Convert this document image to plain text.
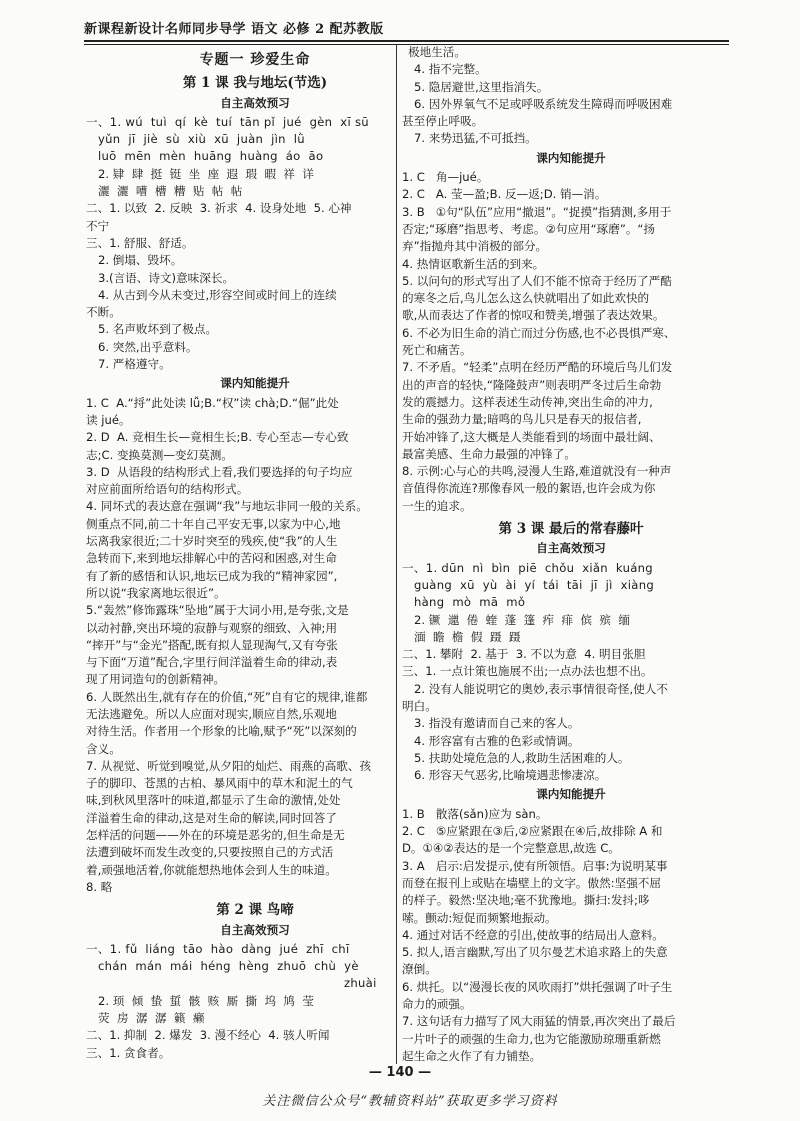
新课程新设计名师同步导学 语文 必修 2 配苏教版
专题一 珍爱生命
第 1 课 我与地坛(节选)
自主高效预习
一、1. wú  tuì  qí  kè  tuí  tān pǐ  jué  gèn  xī sū
yǔn  jī  jiè  sù  xiù  xū  juàn  jìn  lǜ
luō  mēn  mèn  huāng  huàng  áo  āo
2. 肄  肆  挺  铤  坐  座  遐  瑕  暇  祥  详
灑  灑  嘈  槽  糟  贴  帖  帖
二、1. 以致  2. 反映  3. 祈求  4. 设身处地  5. 心神
不宁
三、1. 舒服、舒适。
2. 倒塌、毁坏。
3.(言语、诗文)意味深长。
4. 从古到今从未变过,形容空间或时间上的连续
不断。
5. 名声败坏到了极点。
6. 突然,出乎意料。
7. 严格遵守。
课内知能提升
1. C  A.“捋”此处读 lǚ;B.“权”读 chà;D.“倔”此处
读 jué。
2. D  A. 竞相生长—竟相生长;B. 专心至志—专心致
志;C. 变换莫测—变幻莫测。
3. D  从语段的结构形式上看,我们要选择的句子均应
对应前面所给语句的结构形式。
4. 同坏式的表达意在强调“我”与地坛非同一般的关系。
侧重点不同,前二十年自己平安无事,以家为中心,地
坛离我家很近;二十岁时突至的残疾,使“我”的人生
急转而下,来到地坛排解心中的苦闷和困惑,对生命
有了新的感悟和认识,地坛已成为我的“精神家园”,
所以说“我家离地坛很近”。
5.“轰然”修饰露珠“坠地”属于大词小用,是夸张,文是
以动衬静,突出环境的寂静与观察的细致、入神;用
“摔开”与“金光”搭配,既有拟人显现淘气,又有夸张
与下面“万道”配合,字里行间洋溢着生命的律动,表
现了用词造句的创新精神。
6. 人既然出生,就有存在的价值,“死”自有它的规律,谁都
无法逃避免。所以人应面对现实,顺应自然,乐观地
对待生活。作者用一个形象的比喻,赋予“死”以深刻的
含义。
7. 从视觉、听觉到嗅觉,从夕阳的灿烂、雨燕的高歌、孩
子的脚印、苍黑的古柏、暴风雨中的草木和泥土的气
味,到秋风里落叶的味道,都显示了生命的激情,处处
洋溢着生命的律动,这是对生命的解读,同时回答了
怎样活的问题——外在的环境是恶劣的,但生命是无
法遭到破坏而发生改变的,只要按照自己的方式活
着,顽强地活着,你就能想热地体会到人生的味道。
8. 略
第 2 课 鸟啼
自主高效预习
一、1. fǔ  liáng  tāo  hào  dàng  jué  zhī  chī
chán  mán  mái  héng  hèng  zhuō  chù  yè
zhuài
2. 顼  倾  蛰  蜇  骸  赅  厮  撕  坞  鸠  莹
荧  房  潺  潺  籁  癞
二、1. 抑制  2. 爆发  3. 漫不经心  4. 骇人听闻
三、1. 贪食者。
极地生活。
4. 指不完整。
5. 隐居避世,这里指消失。
6. 因外界氧气不足或呼吸系统发生障碍而呼吸困难
甚至停止呼吸。
7. 来势迅猛,不可抵挡。
课内知能提升
1. C   角—jué。
2. C   A. 莹—盈;B. 反—返;D. 销—消。
3. B   ①句“队伍”应用“撤退”。“捉摸”指猜测,多用于
否定;“琢磨”指思考、考虑。②句应用“琢磨”。“扬
弃”指抛舟其中消极的部分。
4. 热情讴歌新生活的到来。
5. 以问句的形式写出了人们不能不惊奇于经历了严酷
的寒冬之后,鸟儿怎么这么快就唱出了如此欢快的
歌,从而表达了作者的惊叹和赞美,增强了表达效果。
6. 不必为旧生命的消亡而过分伤感,也不必畏惧严寒、
死亡和痛苦。
7. 不矛盾。“轻柔”点明在经历严酷的环境后鸟儿们发
出的声音的轻快,“隆隆鼓声”则表明严冬过后生命勃
发的震撼力。这样表述生动传神,突出生命的冲力,
生命的强劲力量;暗鸣的鸟儿只是春天的报信者,
开始冲锋了,这大概是人类能看到的场面中最壮阔、
最富美感、生命力最强的冲锋了。
8. 示例:心与心的共鸣,浸漫人生路,难道就没有一种声
音值得你流连?那像春风一般的絮语,也许会成为你
一生的追求。
第 3 课 最后的常春藤叶
自主高效预习
一、1. dūn  nì  bìn  piē  chǒu  xiǎn  kuáng
guàng  xū  yù  ài  yí  tái  tāi  jī  jì  xiàng
hàng  mò  mā  mǒ
2. 镢  邋  倦  蝰  蓬  篷  痄  痱  傧  殡  缅
湎  瞻  檐  假  蹑  蹑
二、1. 攀附  2. 基于  3. 不以为意  4. 明目张胆
三、1. 一点计策也施展不出;一点办法也想不出。
2. 没有人能说明它的奥妙,表示事情很奇怪,使人不
明白。
3. 指没有邀请而自己来的客人。
4. 形容富有古雅的色彩或情调。
5. 扶助处境危急的人,救助生活困难的人。
6. 形容天气恶劣,比喻境遇悲惨凄凉。
课内知能提升
1. B   散落(sǎn)应为 sàn。
2. C   ⑤应紧跟在③后,②应紧跟在④后,故排除 A 和
D。①④②表达的是一个完整意思,故选 C。
3. A   启示:启发提示,使有所领悟。启事:为说明某事
而登在报刊上或贴在墙壁上的文字。傲然:坚强不屈
的样子。毅然:坚决地;毫不犹豫地。撕扫:发抖;哆
嗦。颤动:短促而频繁地振动。
4. 通过对话不经意的引出,使故事的结局出人意料。
5. 拟人,语言幽默,写出了贝尔曼艺术追求路上的失意
潦倒。
6. 烘托。以“漫漫长夜的风吹雨打”烘托强调了叶子生
命力的顽强。
7. 这句话有力描写了风大雨猛的情景,再次突出了最后
一片叶子的顽强的生命力,也为它能激励琼珊重新燃
起生命之火作了有力铺垫。
— 140 —
关注微信公众号“教辅资料站”获取更多学习资料
